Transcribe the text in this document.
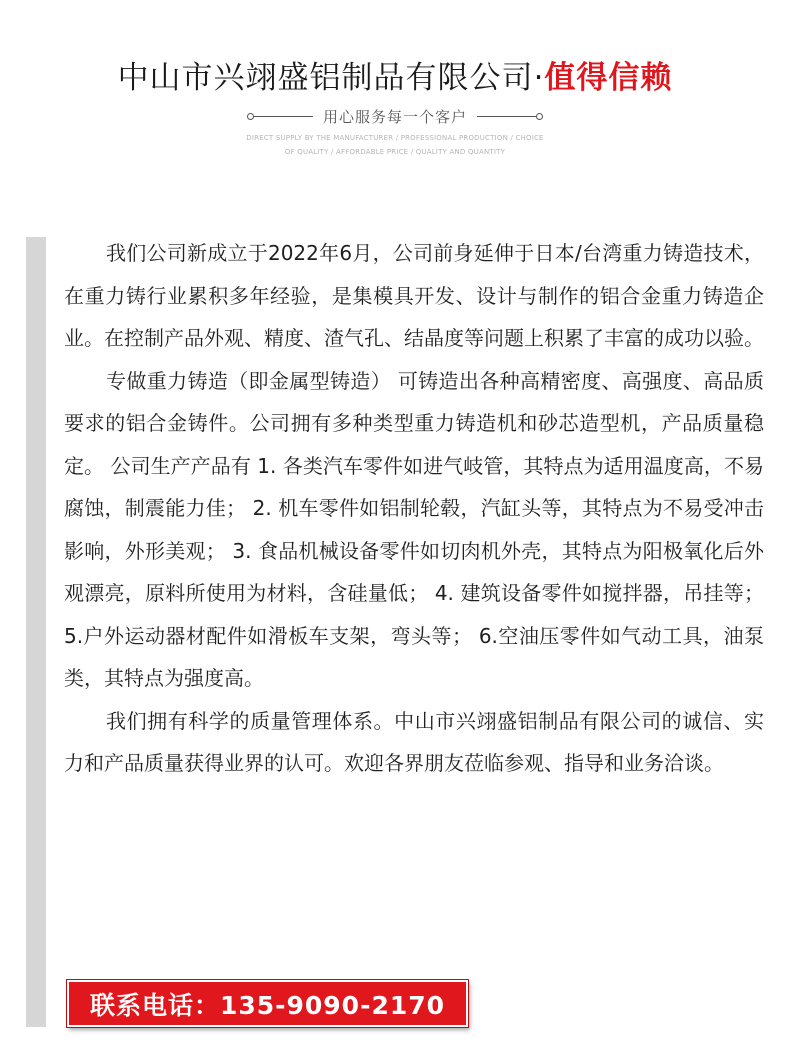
中山市兴翊盛铝制品有限公司·值得信赖
用心服务每一个客户
DIRECT SUPPLY BY THE MANUFACTURER / PROFESSIONAL PRODUCTION / CHOICE
OF QUALITY / AFFORDABLE PRICE / QUALITY AND QUANTITY

我们公司新成立于2022年6月，公司前身延伸于日本/台湾重力铸造技术，在重力铸行业累积多年经验，是集模具开发、设计与制作的铝合金重力铸造企业。在控制产品外观、精度、渣气孔、结晶度等问题上积累了丰富的成功以验。

专做重力铸造（即金属型铸造） 可铸造出各种高精密度、高强度、高品质要求的铝合金铸件。公司拥有多种类型重力铸造机和砂芯造型机，产品质量稳定。 公司生产产品有 1. 各类汽车零件如进气岐管，其特点为适用温度高，不易腐蚀，制震能力佳； 2. 机车零件如铝制轮毂，汽缸头等，其特点为不易受冲击影响，外形美观； 3. 食品机械设备零件如切肉机外壳，其特点为阳极氧化后外观漂亮，原料所使用为材料，含硅量低； 4. 建筑设备零件如搅拌器，吊挂等； 5.户外运动器材配件如滑板车支架，弯头等； 6.空油压零件如气动工具，油泵类，其特点为强度高。

我们拥有科学的质量管理体系。中山市兴翊盛铝制品有限公司的诚信、实力和产品质量获得业界的认可。欢迎各界朋友莅临参观、指导和业务洽谈。

联系电话：135-9090-2170
